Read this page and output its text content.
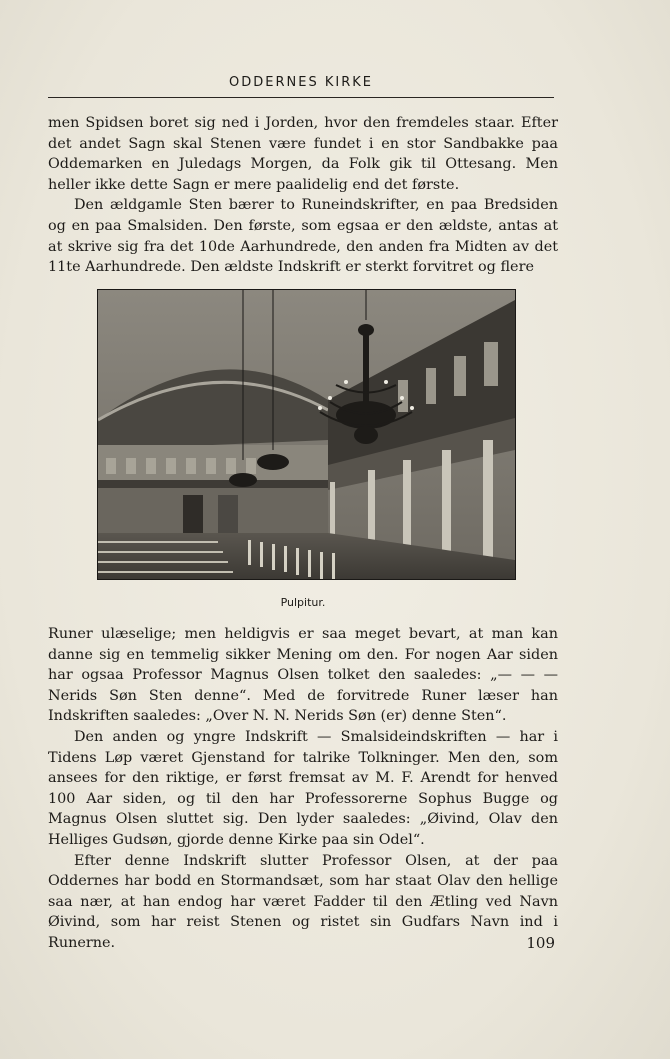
ODDERNES KIRKE

men Spidsen boret sig ned i Jorden, hvor den fremdeles staar. Efter det andet Sagn skal Stenen være fundet i en stor Sandbakke paa Oddemarken en Juledags Morgen, da Folk gik til Ottesang. Men heller ikke dette Sagn er mere paalidelig end det første.

Den ældgamle Sten bærer to Runeindskrifter, en paa Bredsiden og en paa Smalsiden. Den første, som egsaa er den ældste, antas at at skrive sig fra det 10de Aarhundrede, den anden fra Midten av det 11te Aarhundrede. Den ældste Indskrift er sterkt forvitret og flere

Pulpitur.

Runer ulæselige; men heldigvis er saa meget bevart, at man kan danne sig en temmelig sikker Mening om den. For nogen Aar siden har ogsaa Professor Magnus Olsen tolket den saaledes: „— — — Nerids Søn Sten denne“. Med de forvitrede Runer læser han Indskriften saaledes: „Over N. N. Nerids Søn (er) denne Sten“.

Den anden og yngre Indskrift — Smalsideindskriften — har i Tidens Løp været Gjenstand for talrike Tolkninger. Men den, som ansees for den riktige, er først fremsat av M. F. Arendt for henved 100 Aar siden, og til den har Professorerne Sophus Bugge og Magnus Olsen sluttet sig. Den lyder saaledes: „Øivind, Olav den Helliges Gudsøn, gjorde denne Kirke paa sin Odel“.

Efter denne Indskrift slutter Professor Olsen, at der paa Oddernes har bodd en Stormandsæt, som har staat Olav den hellige saa nær, at han endog har været Fadder til den Ætling ved Navn Øivind, som har reist Stenen og ristet sin Gudfars Navn ind i Runerne.	109
